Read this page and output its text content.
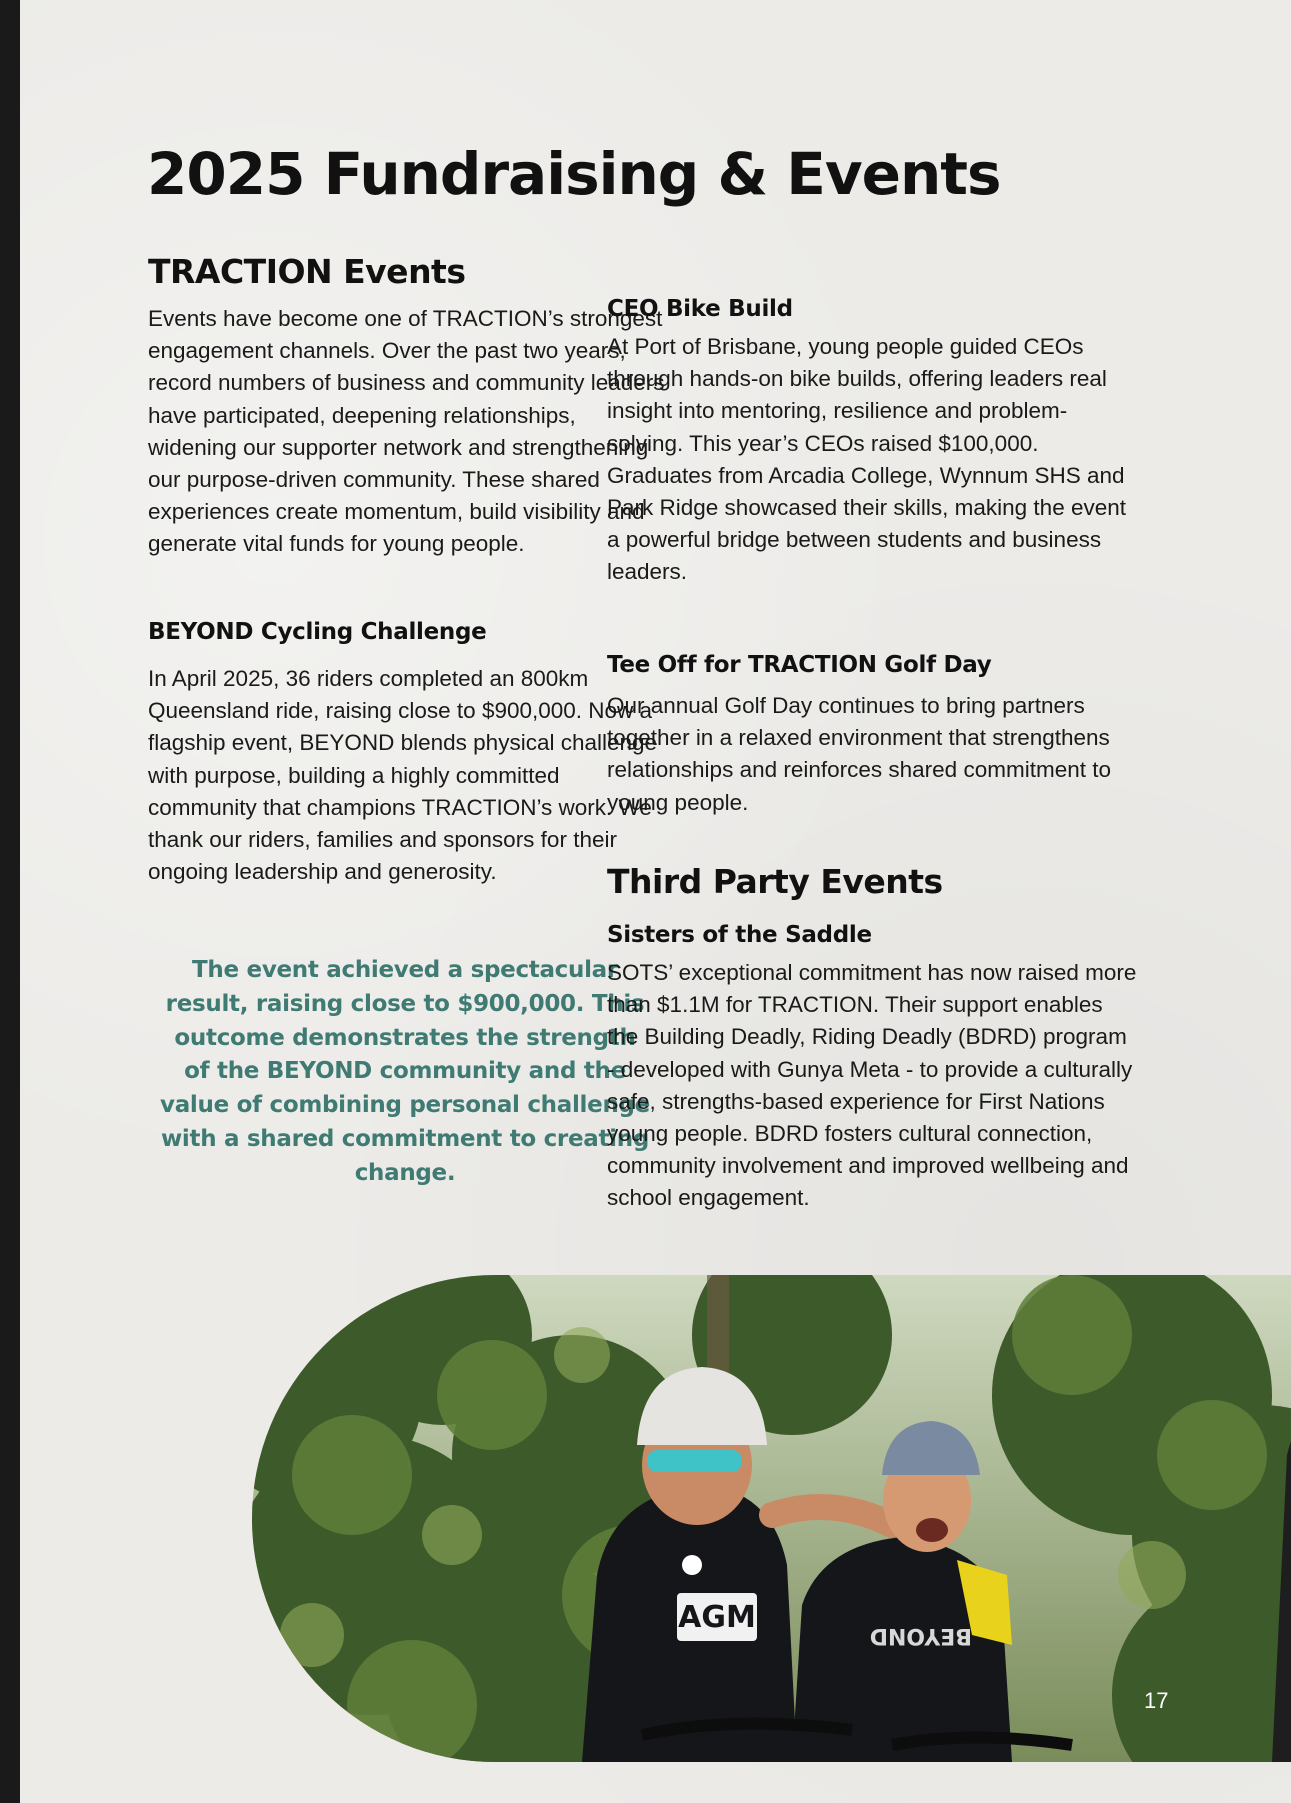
2025 Fundraising & Events
TRACTION Events

Events have become one of TRACTION’s strongest engagement channels. Over the past two years, record numbers of business and community leaders have participated, deepening relationships, widening our supporter network and strengthening our purpose-driven community. These shared experiences create momentum, build visibility and generate vital funds for young people.

BEYOND Cycling Challenge

In April 2025, 36 riders completed an 800km Queensland ride, raising close to $900,000. Now a flagship event, BEYOND blends physical challenge with purpose, building a highly committed community that champions TRACTION’s work. We thank our riders, families and sponsors for their ongoing leadership and generosity.

The event achieved a spectacular result, raising close to $900,000. This outcome demonstrates the strength of the BEYOND community and the value of combining personal challenge with a shared commitment to creating change.

CEO Bike Build

At Port of Brisbane, young people guided CEOs through hands-on bike builds, offering leaders real insight into mentoring, resilience and problem-solving. This year’s CEOs raised $100,000. Graduates from Arcadia College, Wynnum SHS and Park Ridge showcased their skills, making the event a powerful bridge between students and business leaders.

Tee Off for TRACTION Golf Day

Our annual Golf Day continues to bring partners together in a relaxed environment that strengthens relationships and reinforces shared commitment to young people.

Third Party Events
Sisters of the Saddle

SOTS’ exceptional commitment has now raised more than $1.1M for TRACTION. Their support enables the Building Deadly, Riding Deadly (BDRD) program - developed with Gunya Meta - to provide a culturally safe, strengths-based experience for First Nations young people. BDRD fosters cultural connection, community involvement and improved wellbeing and school engagement.

AGM
BEYOND
17
